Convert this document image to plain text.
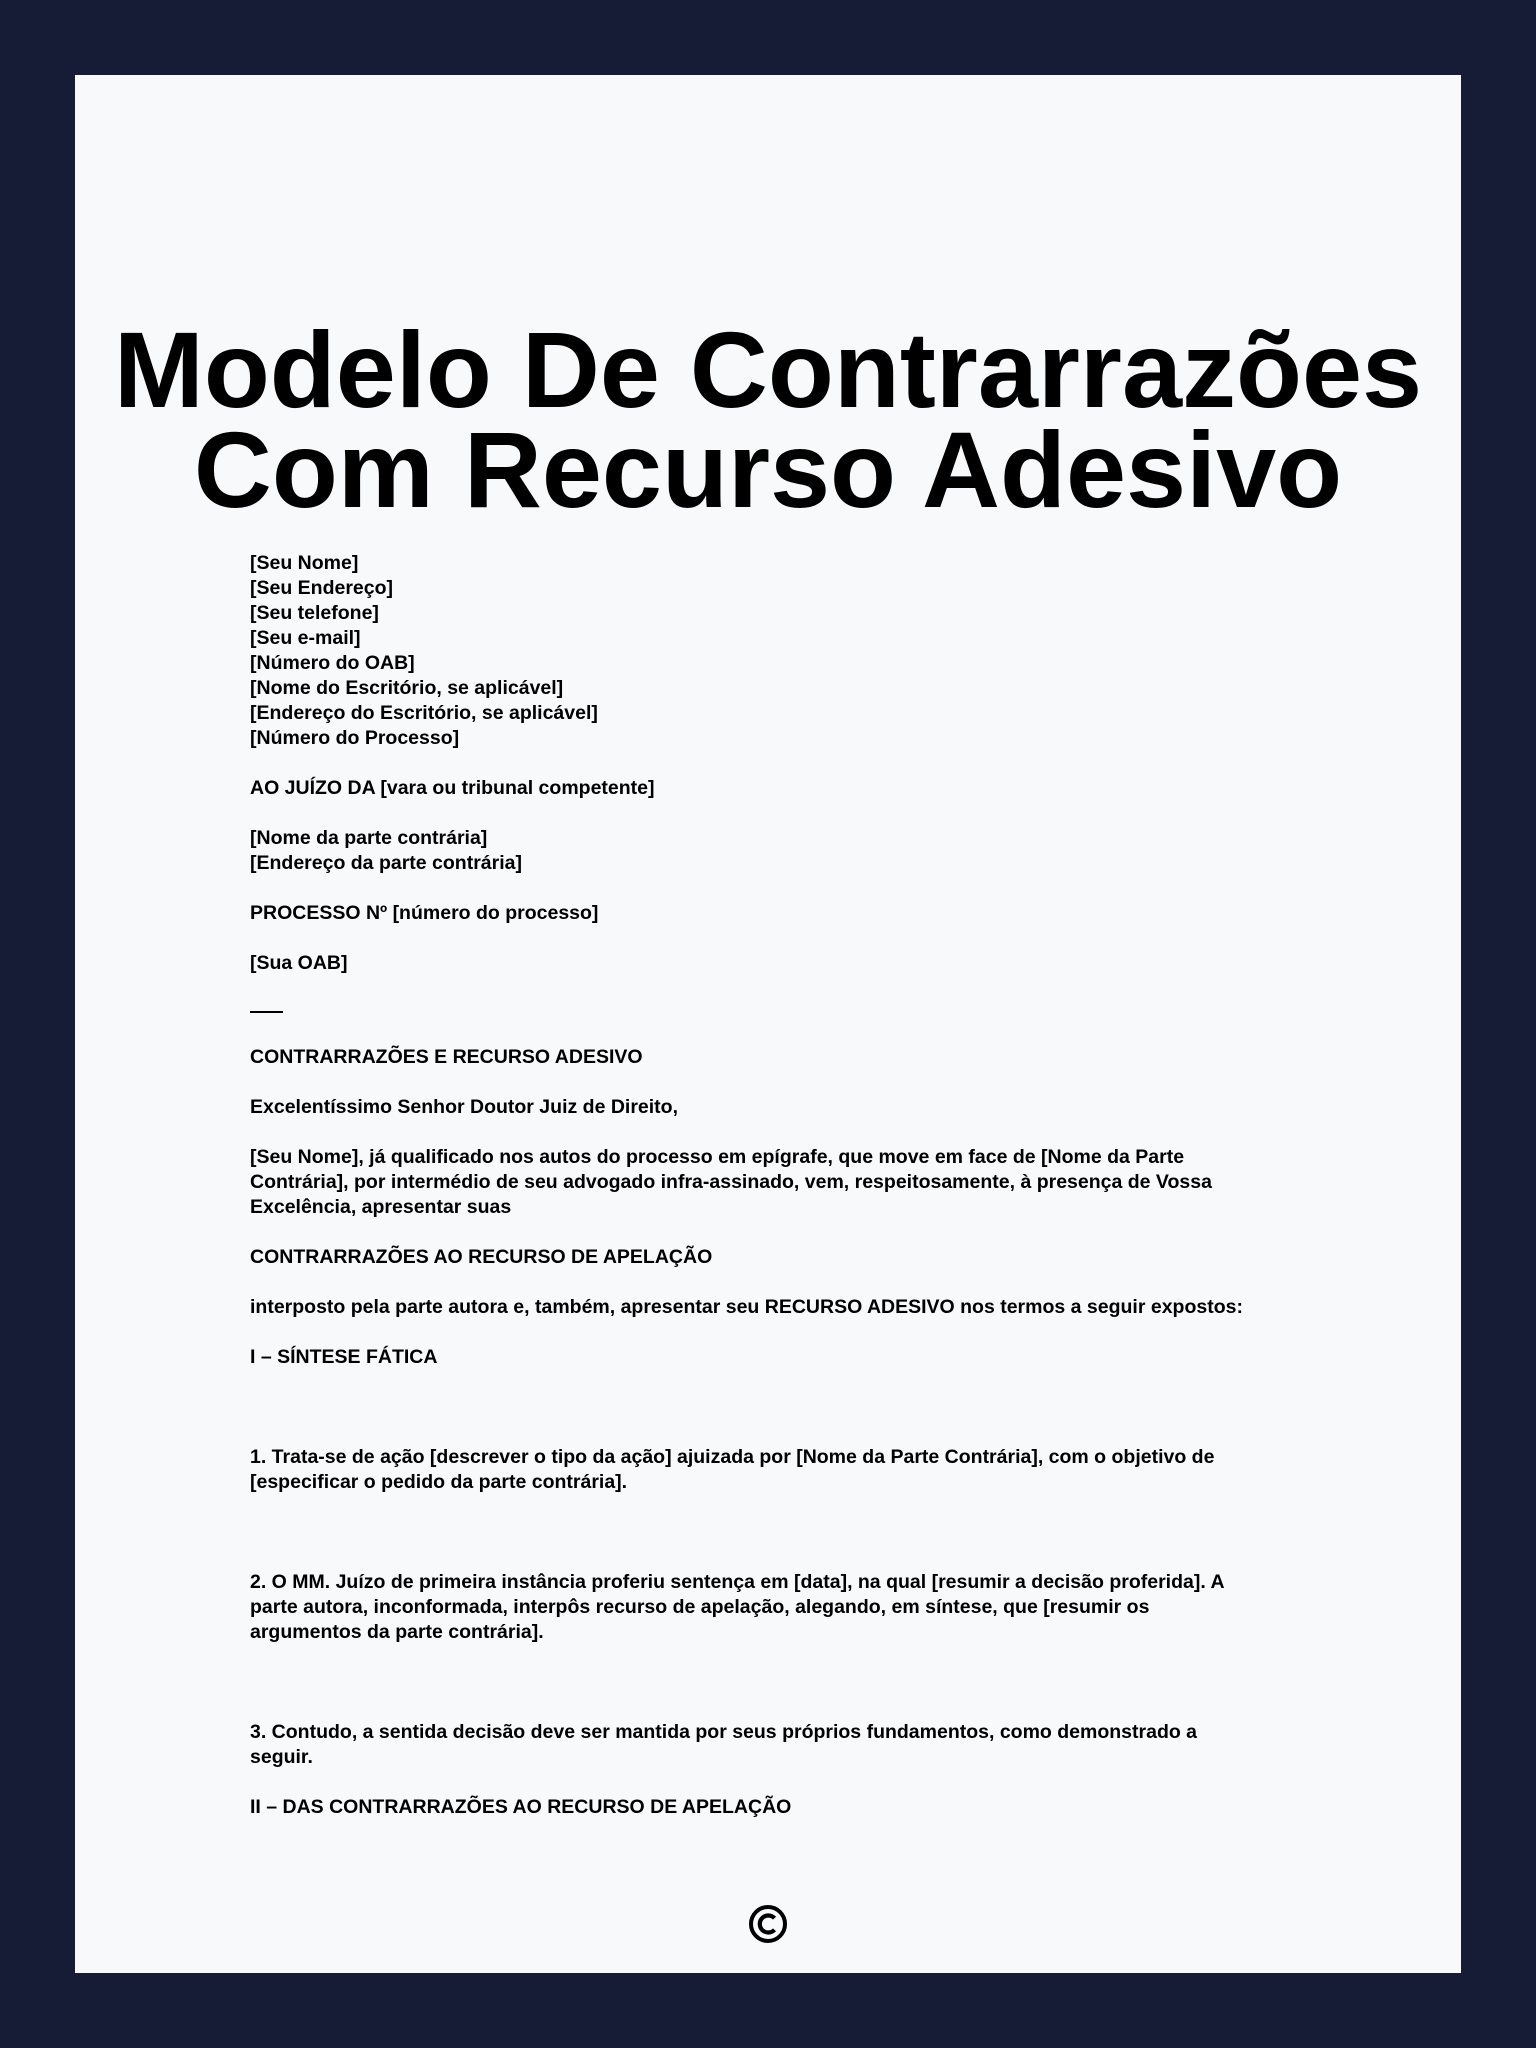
Modelo De Contrarrazões
Com Recurso Adesivo
[Seu Nome]
[Seu Endereço]
[Seu telefone]
[Seu e-mail]
[Número do OAB]
[Nome do Escritório, se aplicável]
[Endereço do Escritório, se aplicável]
[Número do Processo]
AO JUÍZO DA [vara ou tribunal competente]
[Nome da parte contrária]
[Endereço da parte contrária]
PROCESSO Nº [número do processo]
[Sua OAB]
CONTRARRAZÕES E RECURSO ADESIVO
Excelentíssimo Senhor Doutor Juiz de Direito,
[Seu Nome], já qualificado nos autos do processo em epígrafe, que move em face de [Nome da Parte
Contrária], por intermédio de seu advogado infra-assinado, vem, respeitosamente, à presença de Vossa
Excelência, apresentar suas
CONTRARRAZÕES AO RECURSO DE APELAÇÃO
interposto pela parte autora e, também, apresentar seu RECURSO ADESIVO nos termos a seguir expostos:
I – SÍNTESE FÁTICA
1. Trata-se de ação [descrever o tipo da ação] ajuizada por [Nome da Parte Contrária], com o objetivo de
[especificar o pedido da parte contrária].
2. O MM. Juízo de primeira instância proferiu sentença em [data], na qual [resumir a decisão proferida]. A
parte autora, inconformada, interpôs recurso de apelação, alegando, em síntese, que [resumir os
argumentos da parte contrária].
3. Contudo, a sentida decisão deve ser mantida por seus próprios fundamentos, como demonstrado a
seguir.
II – DAS CONTRARRAZÕES AO RECURSO DE APELAÇÃO
